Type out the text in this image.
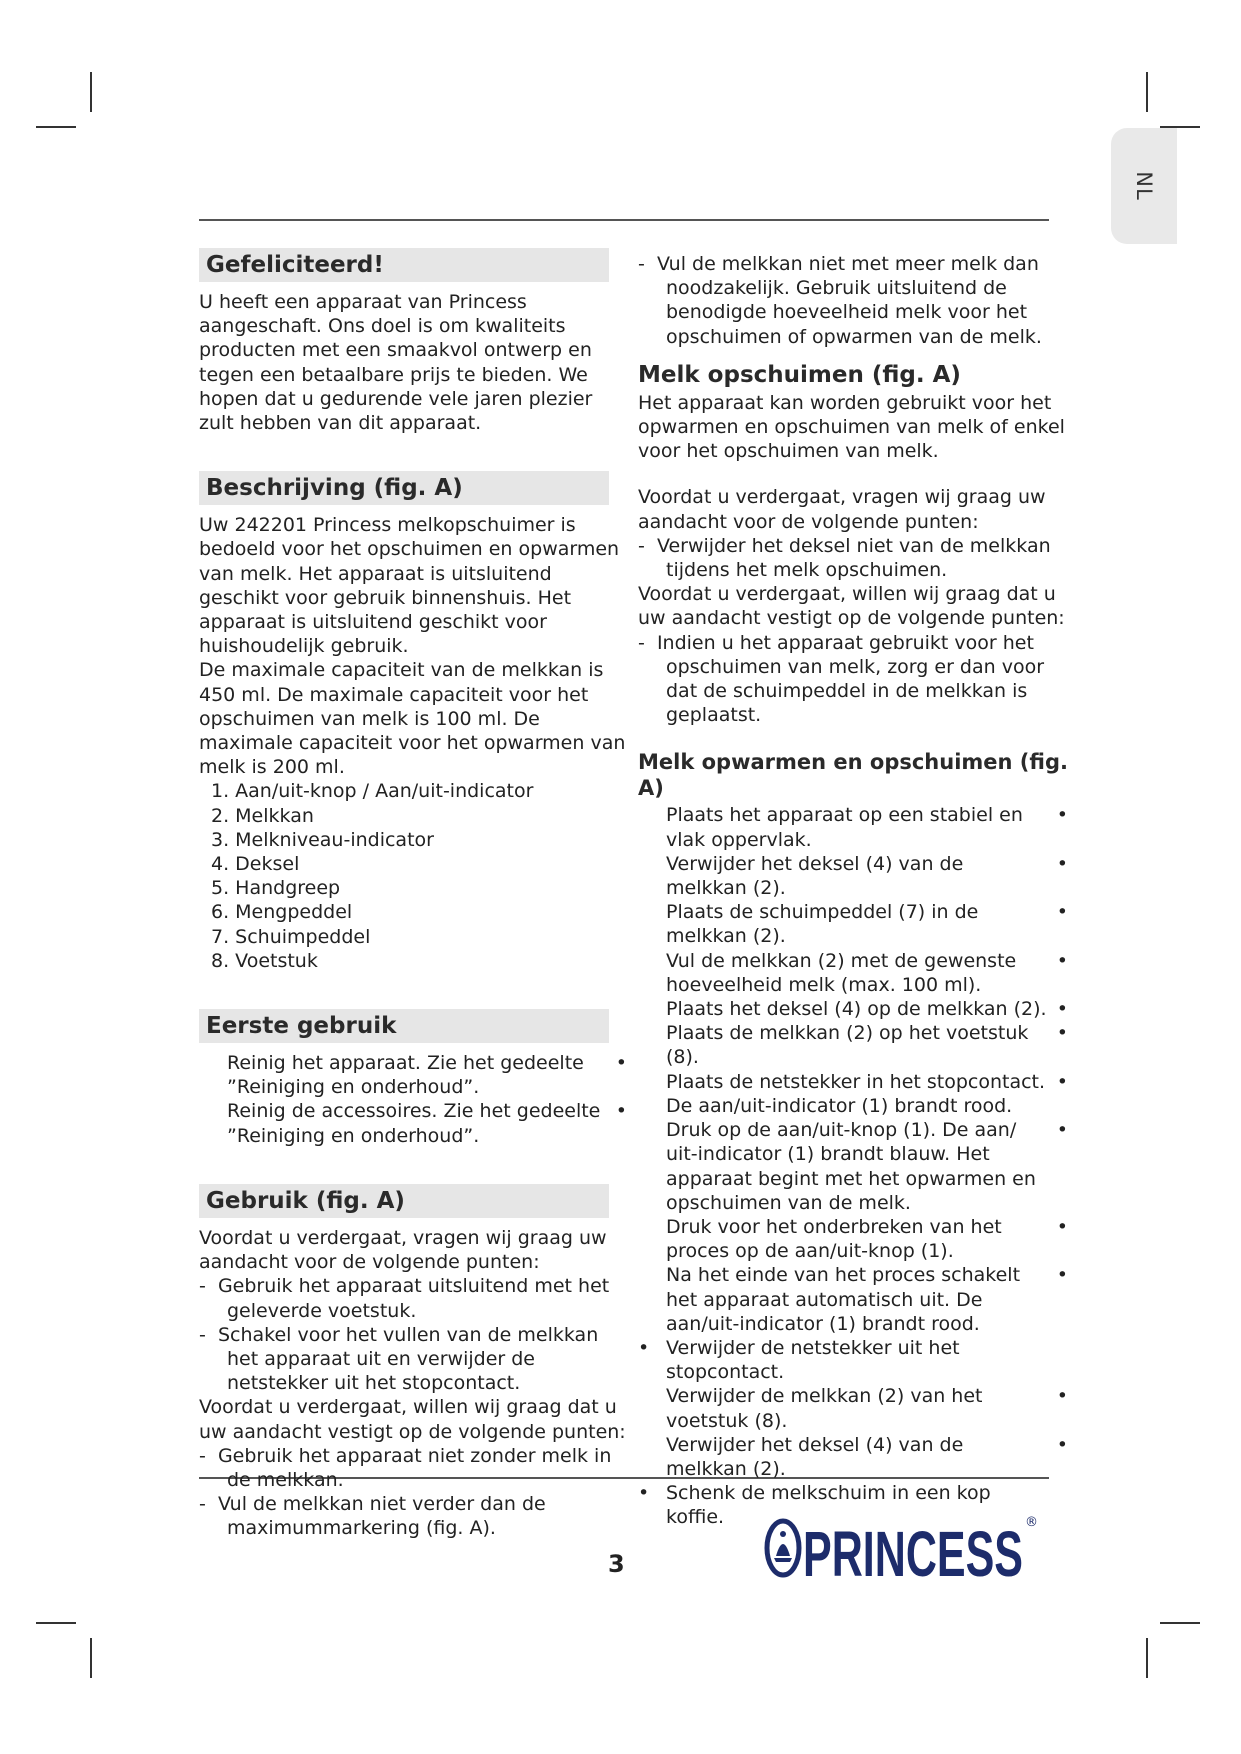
NL
Gefeliciteerd!

U heeft een apparaat van Princess aangeschaft. Ons doel is om kwaliteits producten met een smaakvol ontwerp en tegen een betaalbare prijs te bieden. We hopen dat u gedurende vele jaren plezier zult hebben van dit apparaat.

Beschrijving (fig. A)

Uw 242201 Princess melkopschuimer is bedoeld voor het opschuimen en opwarmen van melk. Het apparaat is uitsluitend geschikt voor gebruik binnenshuis. Het apparaat is uitsluitend geschikt voor huishoudelijk gebruik.

De maximale capaciteit van de melkkan is 450 ml. De maximale capaciteit voor het opschuimen van melk is 100 ml. De maximale capaciteit voor het opwarmen van melk is 200 ml.

1. Aan/uit-knop / Aan/uit-indicator
2. Melkkan
3. Melkniveau-indicator
4. Deksel
5. Handgreep
6. Mengpeddel
7. Schuimpeddel
8. Voetstuk
Eerste gebruik
Reinig het apparaat. Zie het gedeelte ”Reiniging en onderhoud”.
•
Reinig de accessoires. Zie het gedeelte ”Reiniging en onderhoud”.
•
Gebruik (fig. A)

Voordat u verdergaat, vragen wij graag uw aandacht voor de volgende punten:

- Gebruik het apparaat uitsluitend met het geleverde voetstuk.
- Schakel voor het vullen van de melkkan het apparaat uit en verwijder de netstekker uit het stopcontact.

Voordat u verdergaat, willen wij graag dat u uw aandacht vestigt op de volgende punten:

- Gebruik het apparaat niet zonder melk in de melkkan.
- Vul de melkkan niet verder dan de maximummarkering (fig. A).
- Vul de melkkan niet met meer melk dan noodzakelijk. Gebruik uitsluitend de benodigde hoeveelheid melk voor het opschuimen of opwarmen van de melk.
Melk opschuimen (fig. A)

Het apparaat kan worden gebruikt voor het opwarmen en opschuimen van melk of enkel voor het opschuimen van melk.

Voordat u verdergaat, vragen wij graag uw aandacht voor de volgende punten:

- Verwijder het deksel niet van de melkkan tijdens het melk opschuimen.

Voordat u verdergaat, willen wij graag dat u uw aandacht vestigt op de volgende punten:

- Indien u het apparaat gebruikt voor het opschuimen van melk, zorg er dan voor dat de schuimpeddel in de melkkan is geplaatst.
Melk opwarmen en opschuimen (fig. A)
Plaats het apparaat op een stabiel en vlak oppervlak.
•
Verwijder het deksel (4) van de melkkan (2).
•
Plaats de schuimpeddel (7) in de melkkan (2).
•
Vul de melkkan (2) met de gewenste hoeveelheid melk (max. 100 ml).
•
Plaats het deksel (4) op de melkkan (2). •
Plaats de melkkan (2) op het voetstuk (8).
•
Plaats de netstekker in het stopcontact. De aan/uit-indicator (1) brandt rood.
•
Druk op de aan/uit-knop (1). De aan/ uit-indicator (1) brandt blauw. Het apparaat begint met het opwarmen en opschuimen van de melk.
•
Druk voor het onderbreken van het proces op de aan/uit-knop (1).
•
Na het einde van het proces schakelt het apparaat automatisch uit. De aan/uit-indicator (1) brandt rood.
•
• Verwijder de netstekker uit het stopcontact.
Verwijder de melkkan (2) van het voetstuk (8).
•
Verwijder het deksel (4) van de melkkan (2).
•
• Schenk de melkschuim in een kop koffie.
3	PRINCESS ®
